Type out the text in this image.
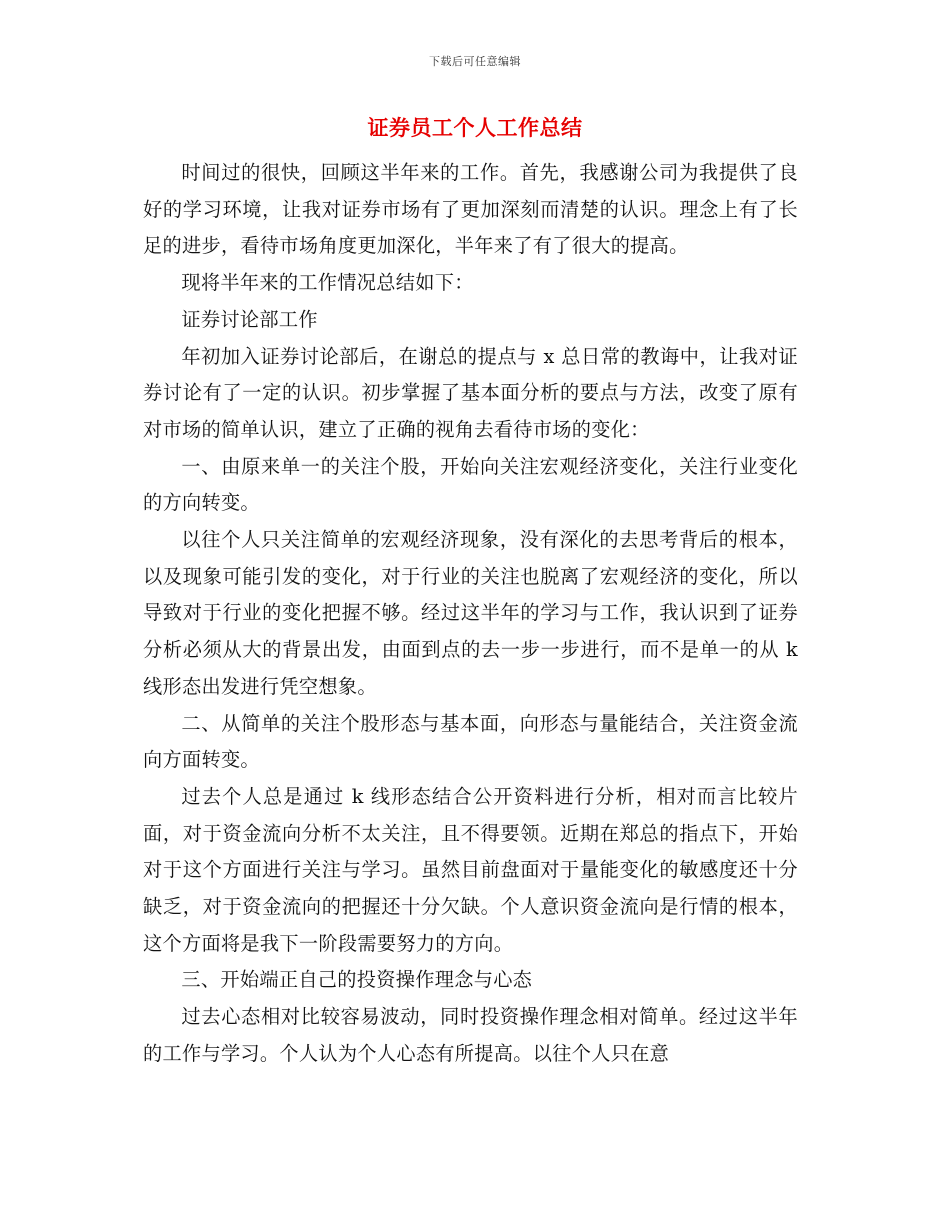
下载后可任意编辑
证券员工个人工作总结

时间过的很快，回顾这半年来的工作。首先，我感谢公司为我提供了良好的学习环境，让我对证券市场有了更加深刻而清楚的认识。理念上有了长足的进步，看待市场角度更加深化，半年来了有了很大的提高。

现将半年来的工作情况总结如下：

证券讨论部工作

年初加入证券讨论部后，在谢总的提点与 x 总日常的教诲中，让我对证券讨论有了一定的认识。初步掌握了基本面分析的要点与方法，改变了原有对市场的简单认识，建立了正确的视角去看待市场的变化：

一、由原来单一的关注个股，开始向关注宏观经济变化，关注行业变化的方向转变。

以往个人只关注简单的宏观经济现象，没有深化的去思考背后的根本，以及现象可能引发的变化，对于行业的关注也脱离了宏观经济的变化，所以导致对于行业的变化把握不够。经过这半年的学习与工作，我认识到了证券分析必须从大的背景出发，由面到点的去一步一步进行，而不是单一的从 k 线形态出发进行凭空想象。

二、从简单的关注个股形态与基本面，向形态与量能结合，关注资金流向方面转变。

过去个人总是通过 k 线形态结合公开资料进行分析，相对而言比较片面，对于资金流向分析不太关注，且不得要领。近期在郑总的指点下，开始对于这个方面进行关注与学习。虽然目前盘面对于量能变化的敏感度还十分缺乏，对于资金流向的把握还十分欠缺。个人意识资金流向是行情的根本，这个方面将是我下一阶段需要努力的方向。

三、开始端正自己的投资操作理念与心态

过去心态相对比较容易波动，同时投资操作理念相对简单。经过这半年的工作与学习。个人认为个人心态有所提高。以往个人只在意
